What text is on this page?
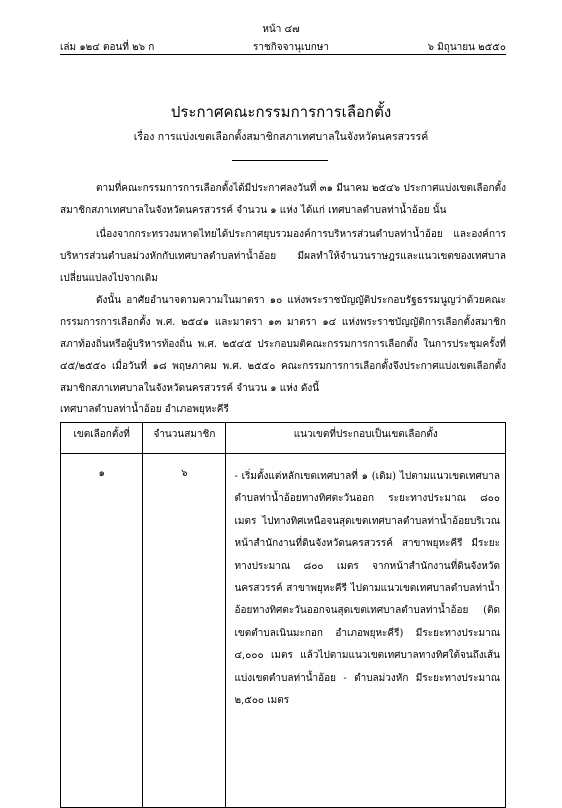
หน้า ๔๗
เล่ม ๑๒๔ ตอนที่ ๒๖ ก	ราชกิจจานุเบกษา	๖ มิถุนายน ๒๕๕๐
ประกาศคณะกรรมการการเลือกตั้ง
เรื่อง การแบ่งเขตเลือกตั้งสมาชิกสภาเทศบาลในจังหวัดนครสวรรค์

ตามที่คณะกรรมการการเลือกตั้งได้มีประกาศลงวันที่ ๓๑ มีนาคม ๒๕๔๖ ประกาศแบ่งเขตเลือกตั้งสมาชิกสภาเทศบาลในจังหวัดนครสวรรค์ จำนวน ๑ แห่ง ได้แก่ เทศบาลตำบลท่าน้ำอ้อย นั้น

เนื่องจากกระทรวงมหาดไทยได้ประกาศยุบรวมองค์การบริหารส่วนตำบลท่าน้ำอ้อย และองค์การบริหารส่วนตำบลม่วงหักกับเทศบาลตำบลท่าน้ำอ้อย มีผลทำให้จำนวนราษฎรและแนวเขตของเทศบาลเปลี่ยนแปลงไปจากเดิม

ดังนั้น อาศัยอำนาจตามความในมาตรา ๑๐ แห่งพระราชบัญญัติประกอบรัฐธรรมนูญว่าด้วยคณะกรรมการการเลือกตั้ง พ.ศ. ๒๕๔๑ และมาตรา ๑๓ มาตรา ๑๔ แห่งพระราชบัญญัติการเลือกตั้งสมาชิกสภาท้องถิ่นหรือผู้บริหารท้องถิ่น พ.ศ. ๒๕๔๕ ประกอบมติคณะกรรมการการเลือกตั้ง ในการประชุมครั้งที่ ๔๕/๒๕๕๐ เมื่อวันที่ ๑๘ พฤษภาคม พ.ศ. ๒๕๕๐ คณะกรรมการการเลือกตั้งจึงประกาศแบ่งเขตเลือกตั้งสมาชิกสภาเทศบาลในจังหวัดนครสวรรค์ จำนวน ๑ แห่ง ดังนี้

เทศบาลตำบลท่าน้ำอ้อย อำเภอพยุหะคีรี
เขตเลือกตั้งที่	จำนวนสมาชิก	แนวเขตที่ประกอบเป็นเขตเลือกตั้ง
๑	๖	- เริ่มตั้งแต่หลักเขตเทศบาลที่ ๑ (เดิม) ไปตามแนวเขตเทศบาลตำบลท่าน้ำอ้อยทางทิศตะวันออก ระยะทางประมาณ ๘๐๐ เมตร ไปทางทิศเหนือจนสุดเขตเทศบาลตำบลท่าน้ำอ้อยบริเวณหน้าสำนักงานที่ดินจังหวัดนครสวรรค์ สาขาพยุหะคีรี มีระยะทางประมาณ ๘๐๐ เมตร จากหน้าสำนักงานที่ดินจังหวัดนครสวรรค์ สาขาพยุหะคีรี ไปตามแนวเขตเทศบาลตำบลท่าน้ำอ้อยทางทิศตะวันออกจนสุดเขตเทศบาลตำบลท่าน้ำอ้อย (ติดเขตตำบลเนินมะกอก อำเภอพยุหะคีรี) มีระยะทางประมาณ ๔,๐๐๐ เมตร แล้วไปตามแนวเขตเทศบาลทางทิศใต้จนถึงเส้นแบ่งเขตตำบลท่าน้ำอ้อย - ตำบลม่วงหัก มีระยะทางประมาณ ๒,๕๐๐ เมตร
